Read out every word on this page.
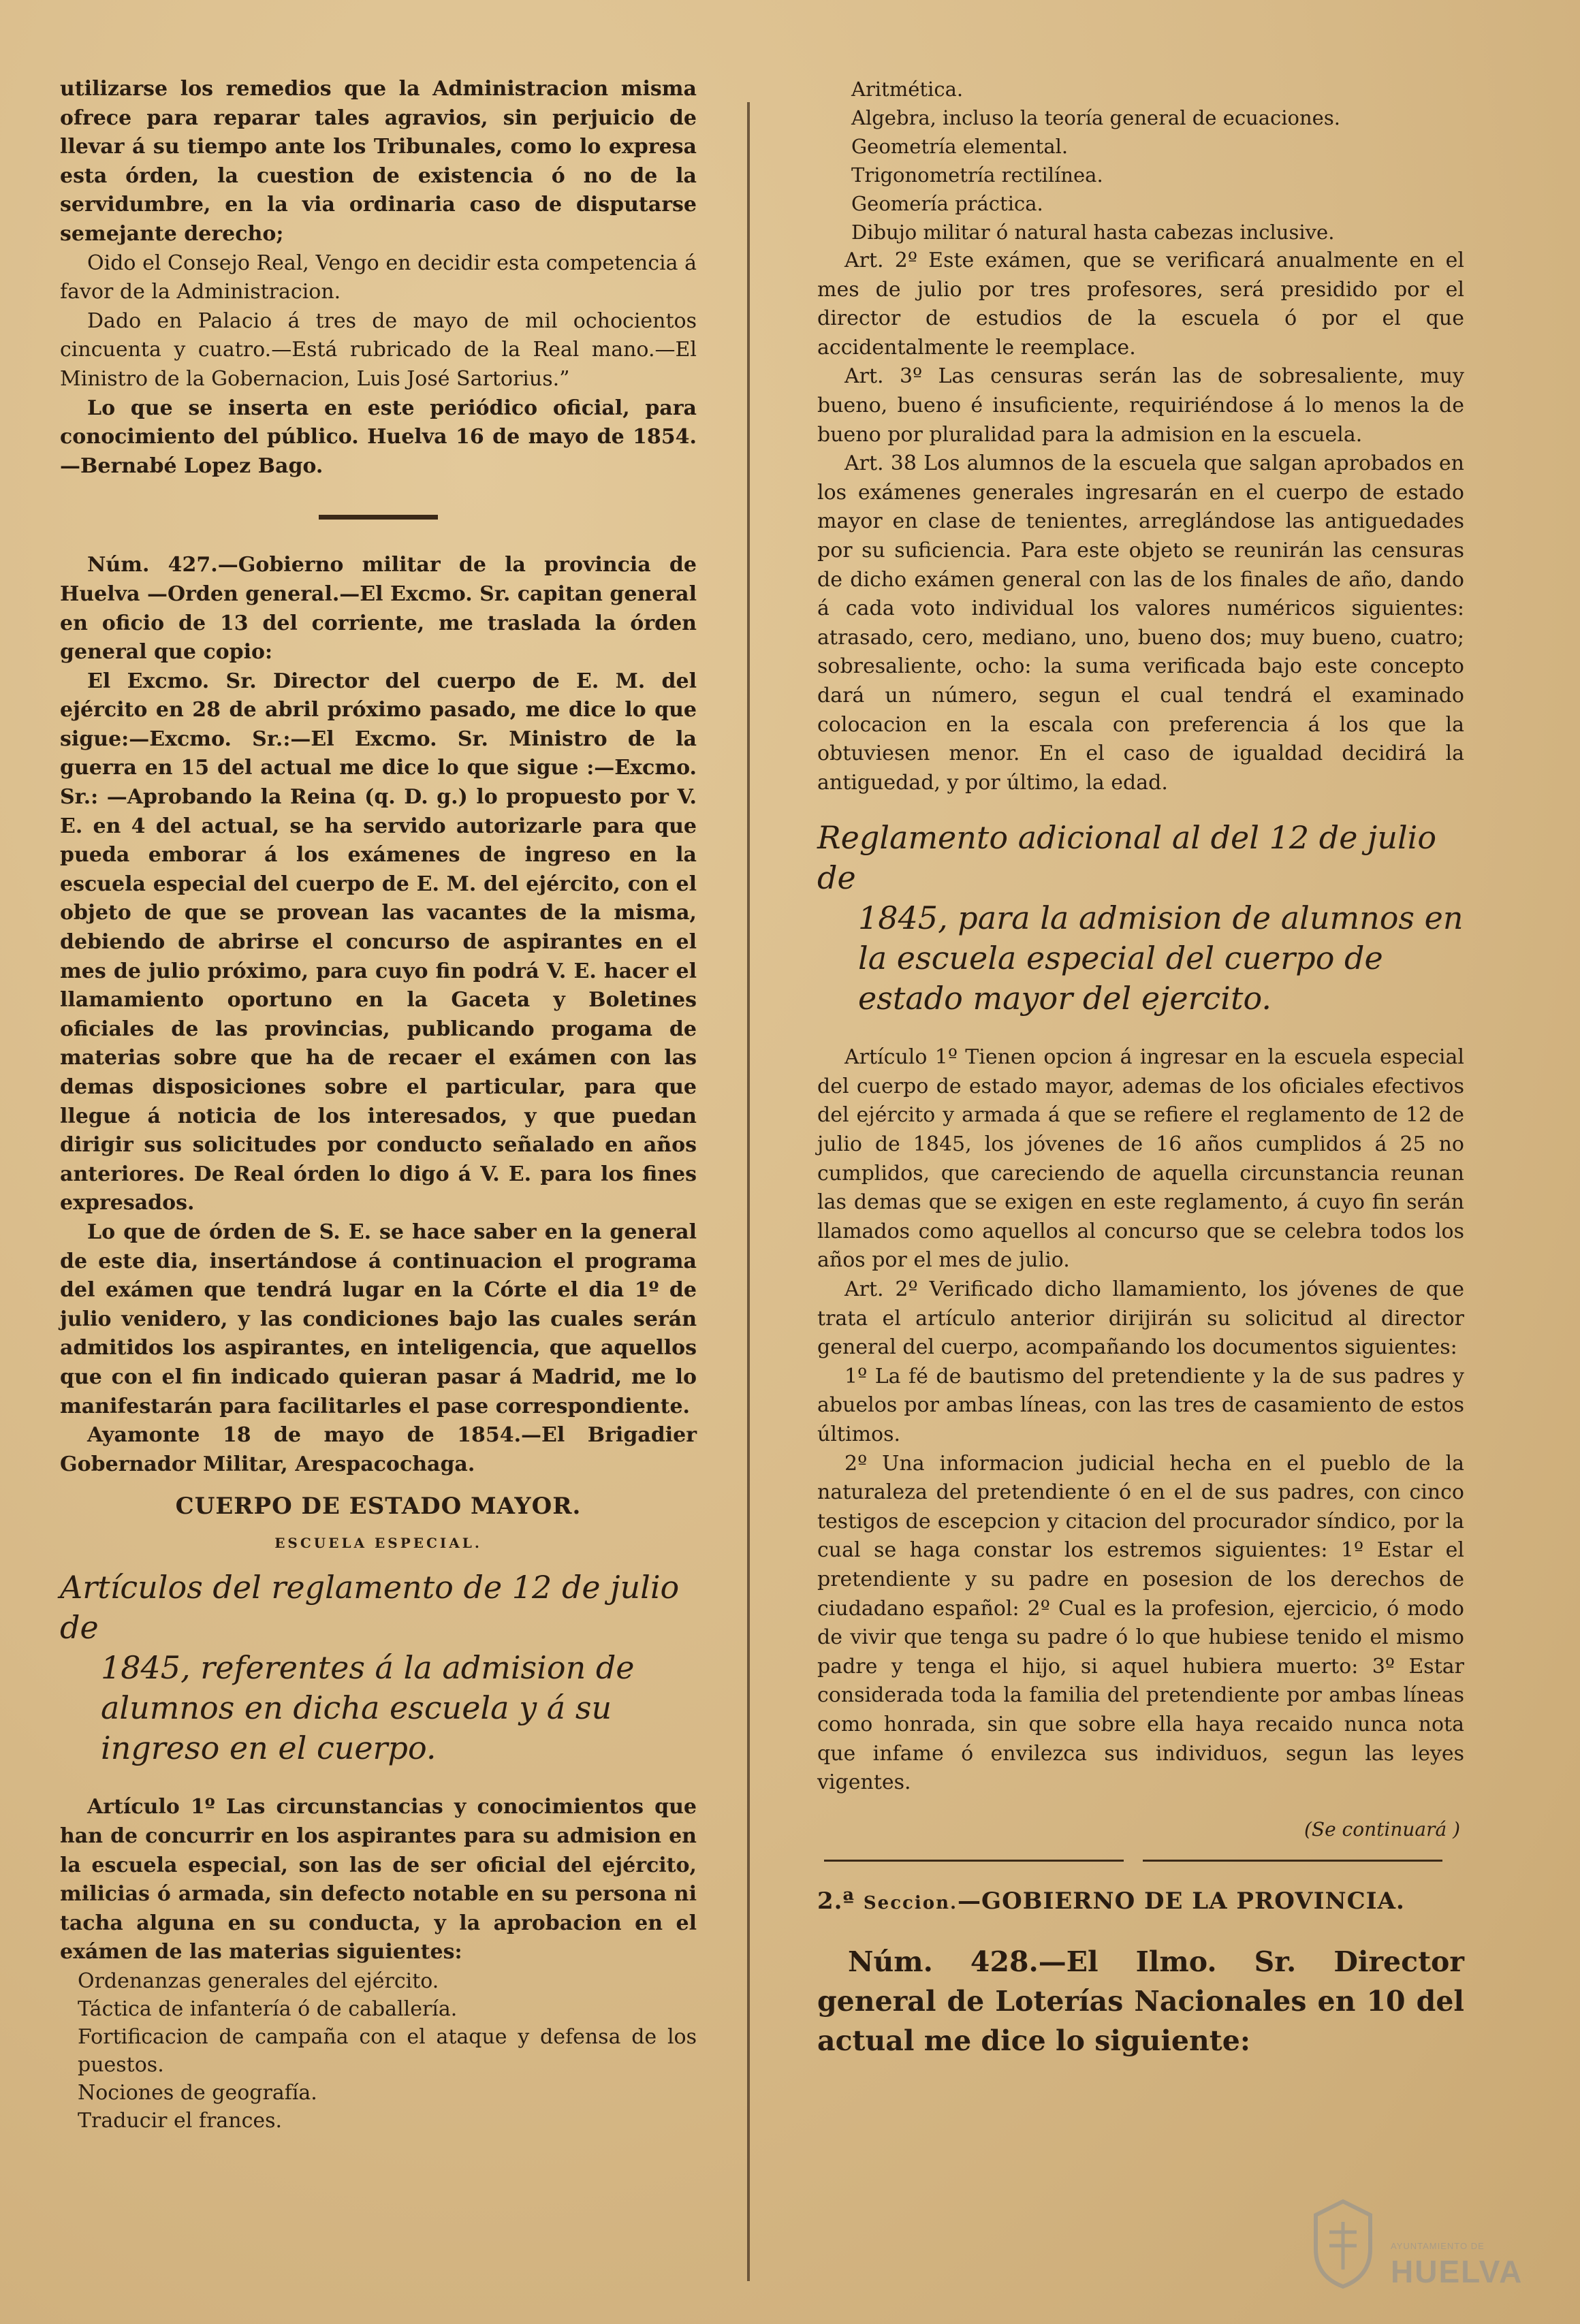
utilizarse los remedios que la Administracion misma ofrece para reparar tales agravios, sin perjuicio de llevar á su tiempo ante los Tribunales, como lo expresa esta órden, la cuestion de existencia ó no de la servidumbre, en la via ordinaria caso de disputarse semejante derecho;

Oido el Consejo Real, Vengo en decidir esta competencia á favor de la Administracion.

Dado en Palacio á tres de mayo de mil ochocientos cincuenta y cuatro.—Está rubricado de la Real mano.—El Ministro de la Gobernacion, Luis José Sartorius.”

Lo que se inserta en este periódico oficial, para conocimiento del público. Huelva 16 de mayo de 1854.—Bernabé Lopez Bago.

Núm. 427.—Gobierno militar de la provincia de Huelva —Orden general.—El Excmo. Sr. capitan general en oficio de 13 del corriente, me traslada la órden general que copio:

El Excmo. Sr. Director del cuerpo de E. M. del ejército en 28 de abril próximo pasado, me dice lo que sigue:—Excmo. Sr.:—El Excmo. Sr. Ministro de la guerra en 15 del actual me dice lo que sigue :—Excmo. Sr.: —Aprobando la Reina (q. D. g.) lo propuesto por V. E. en 4 del actual, se ha servido autorizarle para que pueda emborar á los exámenes de ingreso en la escuela especial del cuerpo de E. M. del ejército, con el objeto de que se provean las vacantes de la misma, debiendo de abrirse el concurso de aspirantes en el mes de julio próximo, para cuyo fin podrá V. E. hacer el llamamiento oportuno en la Gaceta y Boletines oficiales de las provincias, publicando progama de materias sobre que ha de recaer el exámen con las demas disposiciones sobre el particular, para que llegue á noticia de los interesados, y que puedan dirigir sus solicitudes por conducto señalado en años anteriores. De Real órden lo digo á V. E. para los fines expresados.

Lo que de órden de S. E. se hace saber en la general de este dia, insertándose á continuacion el programa del exámen que tendrá lugar en la Córte el dia 1º de julio venidero, y las condiciones bajo las cuales serán admitidos los aspirantes, en inteligencia, que aquellos que con el fin indicado quieran pasar á Madrid, me lo manifestarán para facilitarles el pase correspondiente.

Ayamonte 18 de mayo de 1854.—El Brigadier Gobernador Militar, Arespacochaga.

CUERPO DE ESTADO MAYOR.
ESCUELA ESPECIAL.
Artículos del reglamento de 12 de julio de
1845, referentes á la admision de alumnos en dicha escuela y á su ingreso en el cuerpo.

Artículo 1º Las circunstancias y conocimientos que han de concurrir en los aspirantes para su admision en la escuela especial, son las de ser oficial del ejército, milicias ó armada, sin defecto notable en su persona ni tacha alguna en su conducta, y la aprobacion en el exámen de las materias siguientes:

Ordenanzas generales del ejército.

Táctica de infantería ó de caballería.

Fortificacion de campaña con el ataque y defensa de los puestos.

Nociones de geografía.

Traducir el frances.

Aritmética.

Algebra, incluso la teoría general de ecuaciones.

Geometría elemental.

Trigonometría rectilínea.

Geomería práctica.

Dibujo militar ó natural hasta cabezas inclusive.

Art. 2º Este exámen, que se verificará anualmente en el mes de julio por tres profesores, será presidido por el director de estudios de la escuela ó por el que accidentalmente le reemplace.

Art. 3º Las censuras serán las de sobresaliente, muy bueno, bueno é insuficiente, requiriéndose á lo menos la de bueno por pluralidad para la admision en la escuela.

Art. 38 Los alumnos de la escuela que salgan aprobados en los exámenes generales ingresarán en el cuerpo de estado mayor en clase de tenientes, arreglándose las antiguedades por su suficiencia. Para este objeto se reunirán las censuras de dicho exámen general con las de los finales de año, dando á cada voto individual los valores numéricos siguientes: atrasado, cero, mediano, uno, bueno dos; muy bueno, cuatro; sobresaliente, ocho: la suma verificada bajo este concepto dará un número, segun el cual tendrá el examinado colocacion en la escala con preferencia á los que la obtuviesen menor. En el caso de igualdad decidirá la antiguedad, y por último, la edad.

Reglamento adicional al del 12 de julio de
1845, para la admision de alumnos en la escuela especial del cuerpo de estado mayor del ejercito.

Artículo 1º Tienen opcion á ingresar en la escuela especial del cuerpo de estado mayor, ademas de los oficiales efectivos del ejército y armada á que se refiere el reglamento de 12 de julio de 1845, los jóvenes de 16 años cumplidos á 25 no cumplidos, que careciendo de aquella circunstancia reunan las demas que se exigen en este reglamento, á cuyo fin serán llamados como aquellos al concurso que se celebra todos los años por el mes de julio.

Art. 2º Verificado dicho llamamiento, los jóvenes de que trata el artículo anterior dirijirán su solicitud al director general del cuerpo, acompañando los documentos siguientes:

1º La fé de bautismo del pretendiente y la de sus padres y abuelos por ambas líneas, con las tres de casamiento de estos últimos.

2º Una informacion judicial hecha en el pueblo de la naturaleza del pretendiente ó en el de sus padres, con cinco testigos de escepcion y citacion del procurador síndico, por la cual se haga constar los estremos siguientes: 1º Estar el pretendiente y su padre en posesion de los derechos de ciudadano español: 2º Cual es la profesion, ejercicio, ó modo de vivir que tenga su padre ó lo que hubiese tenido el mismo padre y tenga el hijo, si aquel hubiera muerto: 3º Estar considerada toda la familia del pretendiente por ambas líneas como honrada, sin que sobre ella haya recaido nunca nota que infame ó envilezca sus individuos, segun las leyes vigentes.

(Se continuará )
2.ª Seccion.—GOBIERNO DE LA PROVINCIA.

Núm. 428.—El Ilmo. Sr. Director general de Loterías Nacionales en 10 del actual me dice lo siguiente:

AYUNTAMIENTO DE
HUELVA
